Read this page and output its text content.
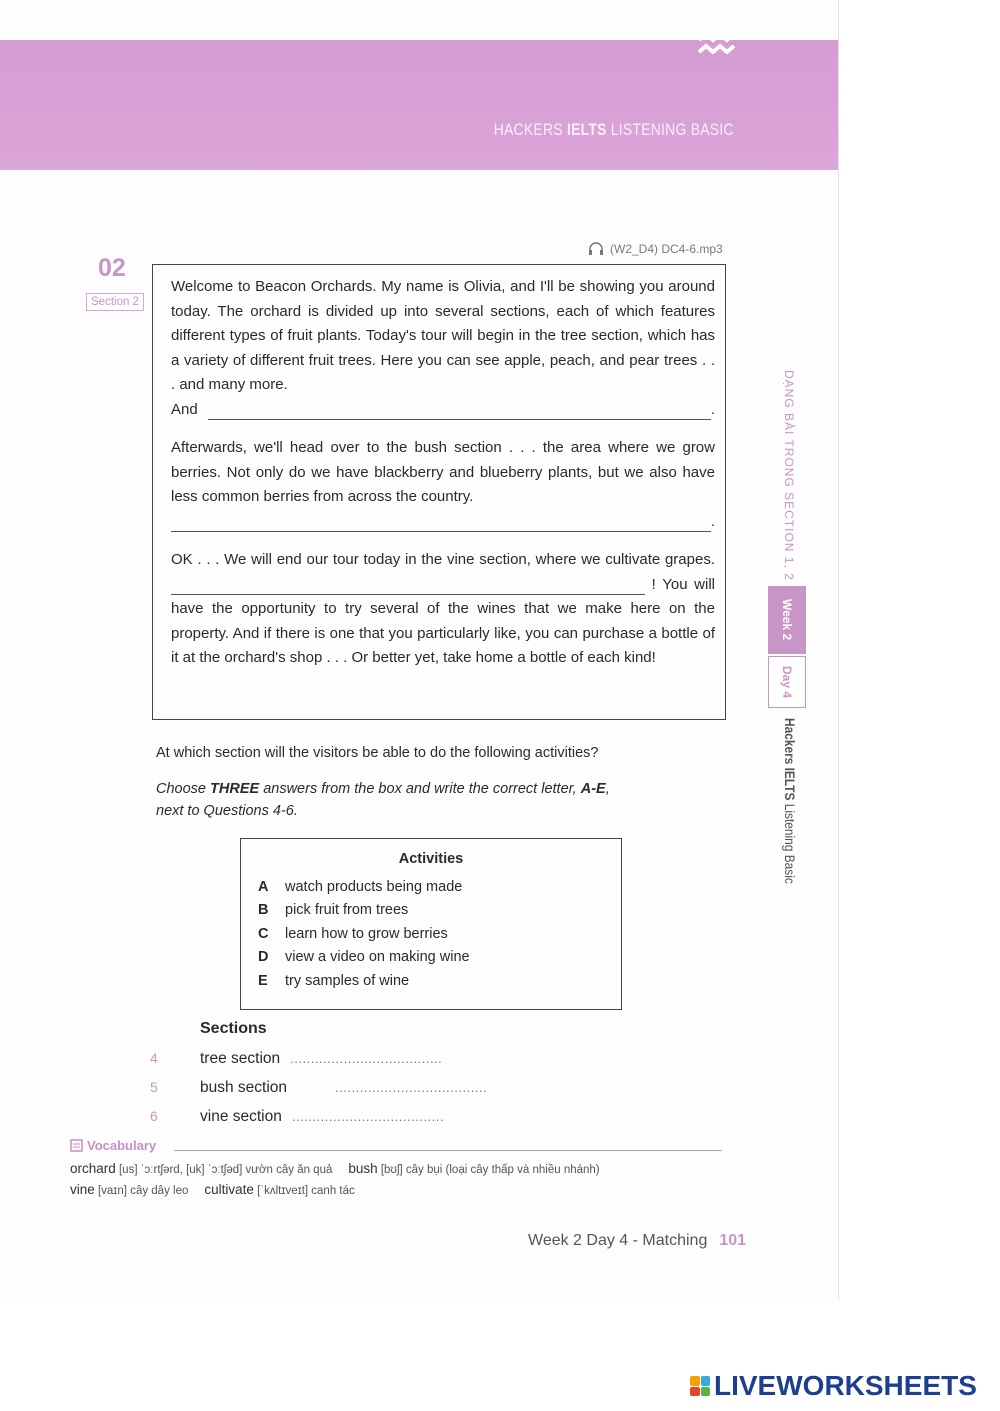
HACKERS IELTS LISTENING BASIC
(W2_D4) DC4-6.mp3
02
Section 2

Welcome to Beacon Orchards. My name is Olivia, and I'll be showing you around today. The orchard is divided up into several sections, each of which features different types of fruit plants. Today's tour will begin in the tree section, which has a variety of different fruit trees. Here you can see apple, peach, and pear trees . . . and many more.
And	.

Afterwards, we'll head over to the bush section . . . the area where we grow berries. Not only do we have blackberry and blueberry plants, but we also have less common berries from across the country.
.

OK . . . We will end our tour today in the vine section, where we cultivate grapes.  ! You will have the opportunity to try several of the wines that we make here on the property. And if there is one that you particularly like, you can purchase a bottle of it at the orchard's shop . . . Or better yet, take home a bottle of each kind!

At which section will the visitors be able to do the following activities?
Choose THREE answers from the box and write the correct letter, A-E,
next to Questions 4-6.
Activities
A	watch products being made
B	pick fruit from trees
C	learn how to grow berries
D	view a video on making wine
E	try samples of wine
Sections
4	tree section .....................................
5	bush section	.....................................
6	vine section .....................................
Vocabulary
orchard [us] ˈɔːrtʃərd, [uk] ˈɔːtʃəd] vườn cây ăn quả bush [bʊʃ] cây bụi (loại cây thấp và nhiều nhánh)
vine [vaɪn] cây dây leo cultivate [ˈkʌltɪveɪt] canh tác
Week 2 Day 4 - Matching 101
DẠNG BÀI TRONG SECTION 1, 2
Week 2
Day 4
Hackers IELTS Listening Basic
LIVEWORKSHEETS
